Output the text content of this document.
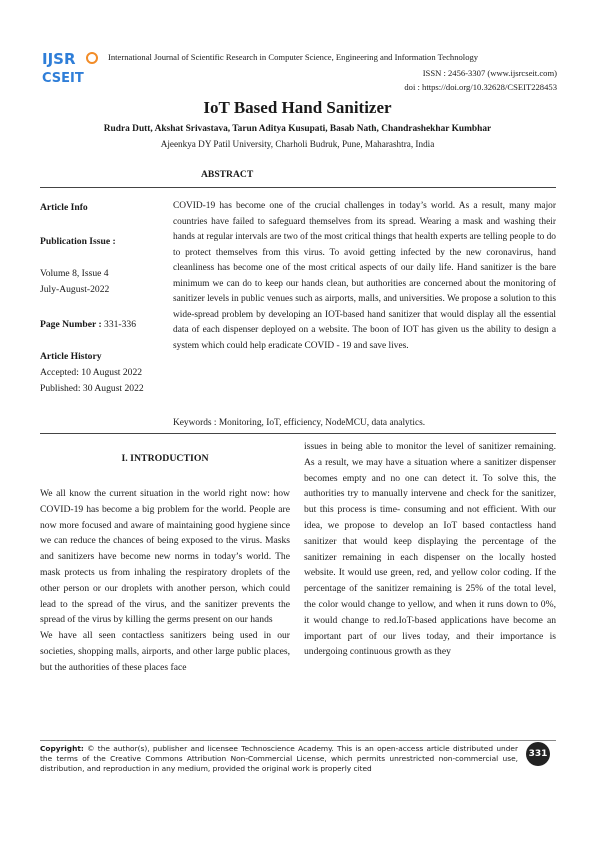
IJSR
CSEIT
International Journal of Scientific Research in Computer Science, Engineering and Information Technology
ISSN : 2456-3307 (www.ijsrcseit.com)
doi : https://doi.org/10.32628/CSEIT228453
IoT Based Hand Sanitizer
Rudra Dutt, Akshat Srivastava, Tarun Aditya Kusupati, Basab Nath, Chandrashekhar Kumbhar
Ajeenkya DY Patil University, Charholi Budruk, Pune, Maharashtra, India
ABSTRACT
Article Info
Publication Issue :
Volume 8, Issue 4
July-August-2022
Page Number : 331-336
Article History
Accepted: 10 August 2022
Published: 30 August 2022
COVID-19 has become one of the crucial challenges in today’s world. As a result, many major countries have failed to safeguard themselves from its spread. Wearing a mask and washing their hands at regular intervals are two of the most critical things that health experts are telling people to do to protect themselves from this virus. To avoid getting infected by the new coronavirus, hand cleanliness has become one of the most critical aspects of our daily life. Hand sanitizer is the bare minimum we can do to keep our hands clean, but authorities are concerned about the monitoring of sanitizer levels in public venues such as airports, malls, and universities. We propose a solution to this wide-spread problem by developing an IOT-based hand sanitizer that would display all the essential data of each dispenser deployed on a website. The boon of IOT has given us the ability to design a system which could help eradicate COVID - 19 and save lives.
Keywords : Monitoring, IoT, efficiency, NodeMCU, data analytics.
I. INTRODUCTION

We all know the current situation in the world right now: how COVID-19 has become a big problem for the world. People are now more focused and aware of maintaining good hygiene since we can reduce the chances of being exposed to the virus. Masks and sanitizers have become new norms in today’s world. The mask protects us from inhaling the respiratory droplets of the other person or our droplets with another person, which could lead to the spread of the virus, and the sanitizer prevents the spread of the virus by killing the germs present on our hands

We have all seen contactless sanitizers being used in our societies, shopping malls, airports, and other large public places, but the authorities of these places face

issues in being able to monitor the level of sanitizer remaining. As a result, we may have a situation where a sanitizer dispenser becomes empty and no one can detect it. To solve this, the authorities try to manually intervene and check for the sanitizer, but this process is time- consuming and not efficient. With our idea, we propose to develop an IoT based contactless hand sanitizer that would keep displaying the percentage of the sanitizer remaining in each dispenser on the locally hosted website. It would use green, red, and yellow color coding. If the percentage of the sanitizer remaining is 25% of the total level, the color would change to yellow, and when it runs down to 0%, it would change to red.IoT-based applications have become an important part of our lives today, and their importance is undergoing continuous growth as they

Copyright: © the author(s), publisher and licensee Technoscience Academy. This is an open-access article distributed under the terms of the Creative Commons Attribution Non-Commercial License, which permits unrestricted non-commercial use, distribution, and reproduction in any medium, provided the original work is properly cited
331
